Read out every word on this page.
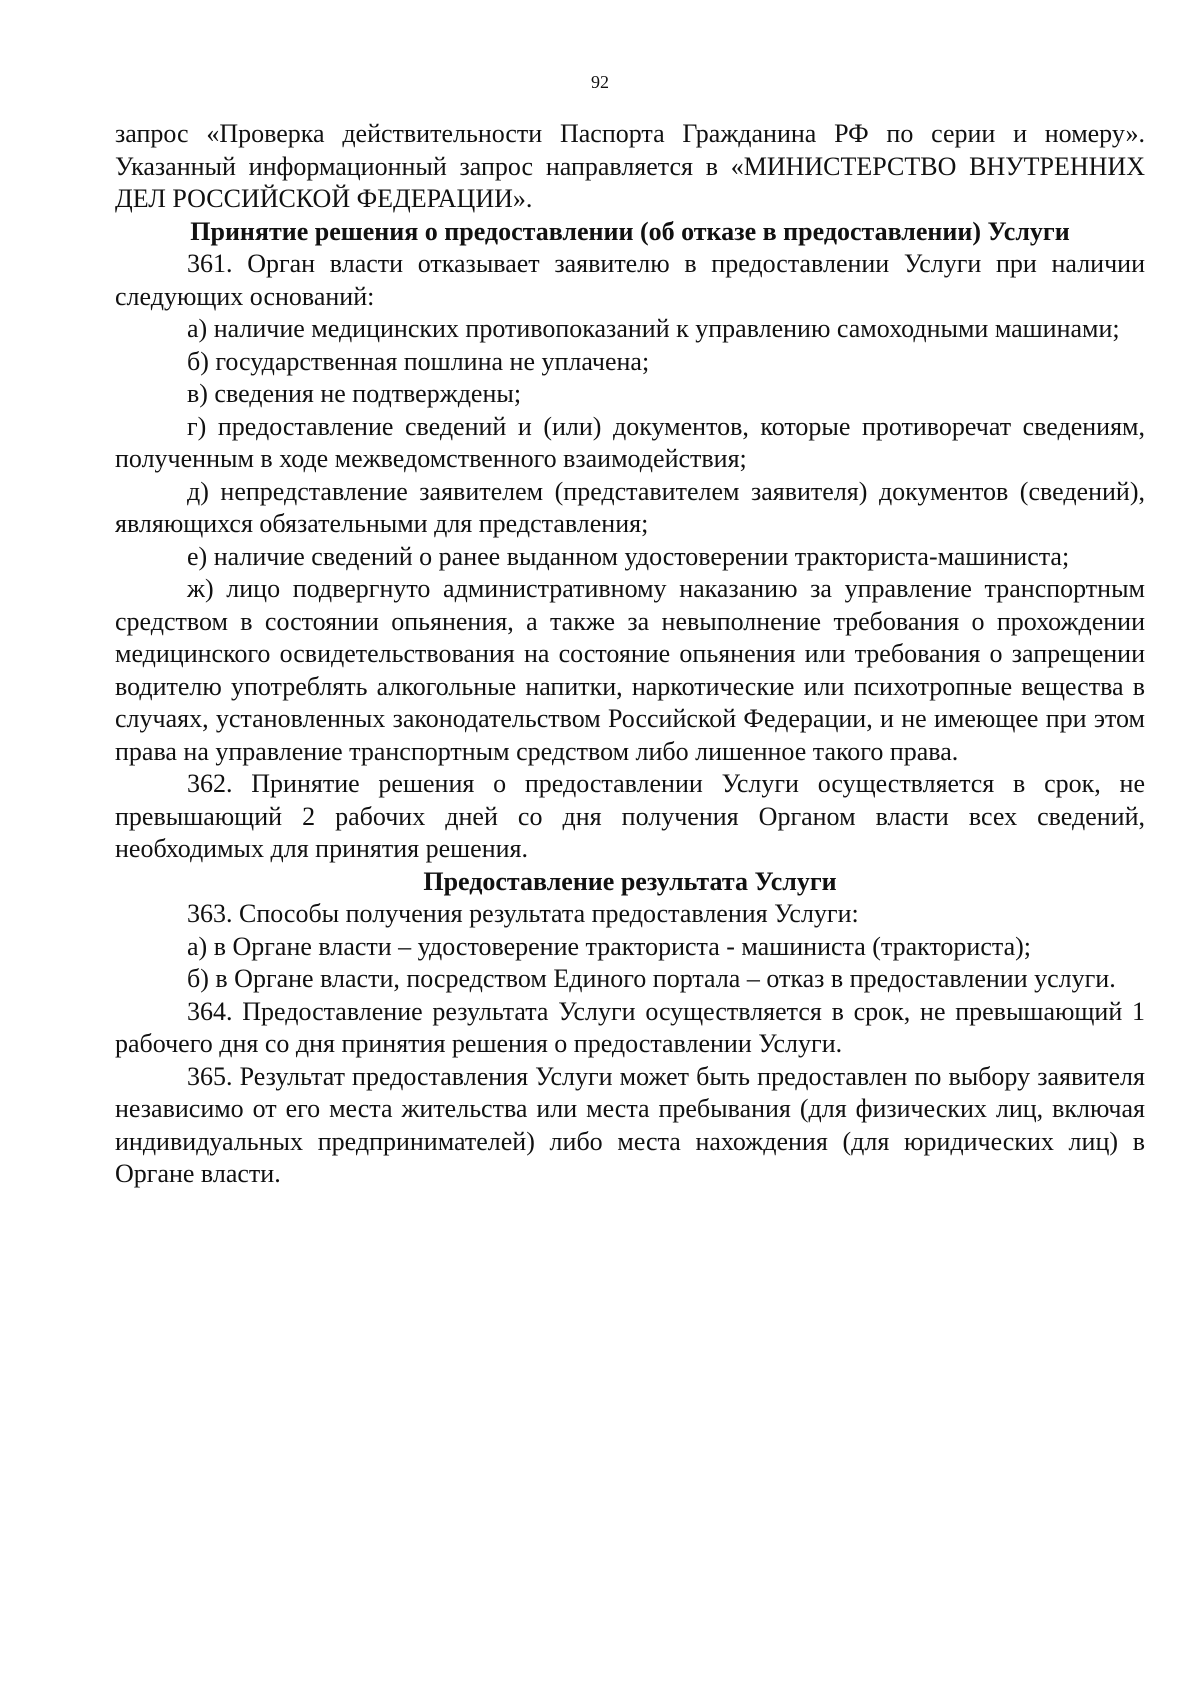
92

запрос «Проверка действительности Паспорта Гражданина РФ по серии и номеру». Указанный информационный запрос направляется в «МИНИСТЕРСТВО ВНУТРЕННИХ ДЕЛ РОССИЙСКОЙ ФЕДЕРАЦИИ».

Принятие решения о предоставлении (об отказе в предоставлении) Услуги

361. Орган власти отказывает заявителю в предоставлении Услуги при наличии следующих оснований:

а) наличие медицинских противопоказаний к управлению самоходными машинами;

б) государственная пошлина не уплачена;

в) сведения не подтверждены;

г) предоставление сведений и (или) документов, которые противоречат сведениям, полученным в ходе межведомственного взаимодействия;

д) непредставление заявителем (представителем заявителя) документов (сведений), являющихся обязательными для представления;

е) наличие сведений о ранее выданном удостоверении тракториста-машиниста;

ж) лицо подвергнуто административному наказанию за управление транспортным средством в состоянии опьянения, а также за невыполнение требования о прохождении медицинского освидетельствования на состояние опьянения или требования о запрещении водителю употреблять алкогольные напитки, наркотические или психотропные вещества в случаях, установленных законодательством Российской Федерации, и не имеющее при этом права на управление транспортным средством либо лишенное такого права.

362. Принятие решения о предоставлении Услуги осуществляется в срок, не превышающий 2 рабочих дней со дня получения Органом власти всех сведений, необходимых для принятия решения.

Предоставление результата Услуги

363. Способы получения результата предоставления Услуги:

а) в Органе власти – удостоверение тракториста - машиниста (тракториста);

б) в Органе власти, посредством Единого портала – отказ в предоставлении услуги.

364. Предоставление результата Услуги осуществляется в срок, не превышающий 1 рабочего дня со дня принятия решения о предоставлении Услуги.

365. Результат предоставления Услуги может быть предоставлен по выбору заявителя независимо от его места жительства или места пребывания (для физических лиц, включая индивидуальных предпринимателей) либо места нахождения (для юридических лиц) в Органе власти.
